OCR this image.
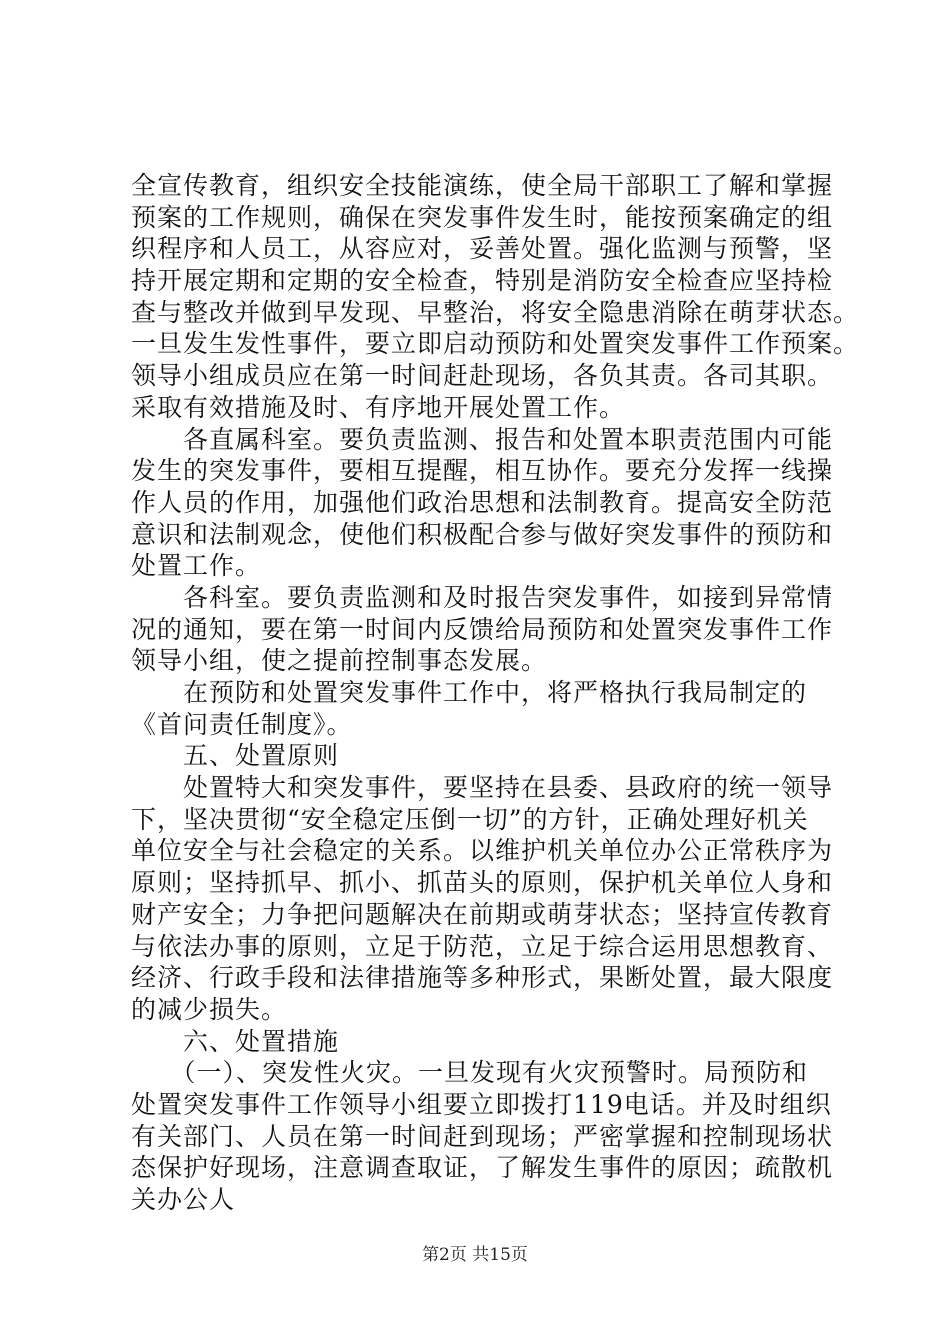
全宣传教育，组织安全技能演练，使全局干部职工了解和掌握
预案的工作规则，确保在突发事件发生时，能按预案确定的组
织程序和人员工，从容应对，妥善处置。强化监测与预警，坚
持开展定期和定期的安全检查，特别是消防安全检查应坚持检
查与整改并做到早发现、早整治，将安全隐患消除在萌芽状态。
一旦发生发性事件，要立即启动预防和处置突发事件工作预案。
领导小组成员应在第一时间赶赴现场，各负其责。各司其职。
采取有效措施及时、有序地开展处置工作。
　　各直属科室。要负责监测、报告和处置本职责范围内可能
发生的突发事件，要相互提醒，相互协作。要充分发挥一线操
作人员的作用，加强他们政治思想和法制教育。提高安全防范
意识和法制观念，使他们积极配合参与做好突发事件的预防和
处置工作。
　　各科室。要负责监测和及时报告突发事件，如接到异常情
况的通知，要在第一时间内反馈给局预防和处置突发事件工作
领导小组，使之提前控制事态发展。
　　在预防和处置突发事件工作中，将严格执行我局制定的
《首问责任制度》。
　　五、处置原则
　　处置特大和突发事件，要坚持在县委、县政府的统一领导
下，坚决贯彻“安全稳定压倒一切”的方针，正确处理好机关
单位安全与社会稳定的关系。以维护机关单位办公正常秩序为
原则；坚持抓早、抓小、抓苗头的原则，保护机关单位人身和
财产安全；力争把问题解决在前期或萌芽状态；坚持宣传教育
与依法办事的原则，立足于防范，立足于综合运用思想教育、
经济、行政手段和法律措施等多种形式，果断处置，最大限度
的减少损失。
　　六、处置措施
　　（一）、突发性火灾。一旦发现有火灾预警时。局预防和
处置突发事件工作领导小组要立即拨打119电话。并及时组织
有关部门、人员在第一时间赶到现场；严密掌握和控制现场状
态保护好现场，注意调查取证，了解发生事件的原因；疏散机
关办公人
第2页 共15页
